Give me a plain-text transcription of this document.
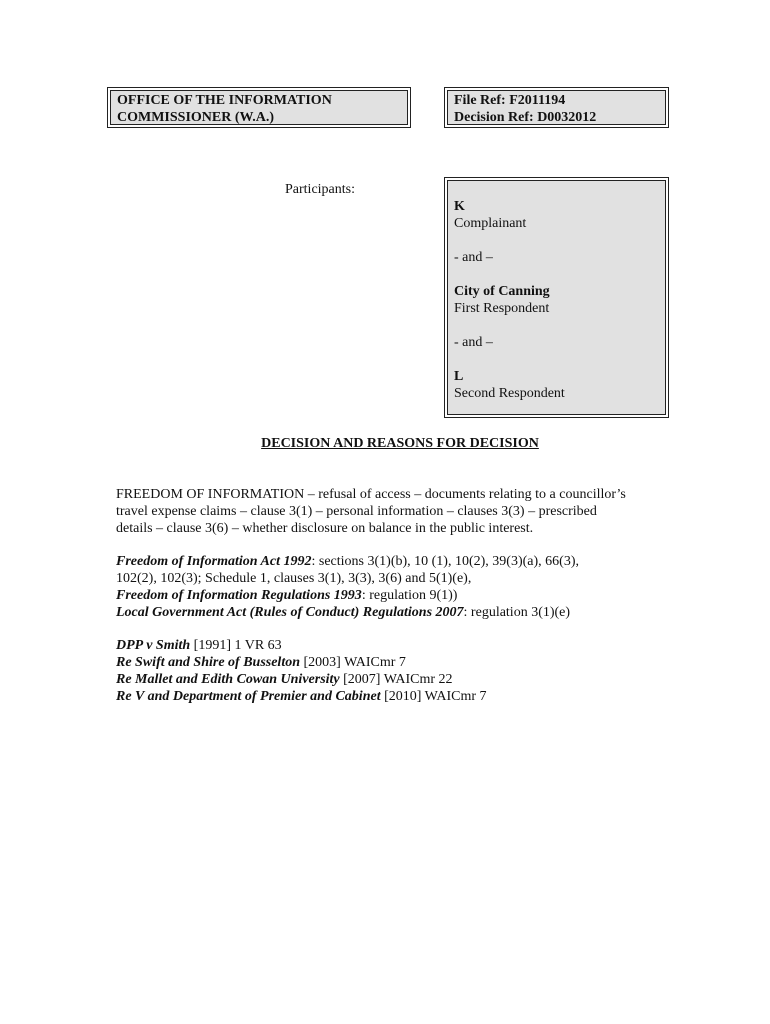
OFFICE OF THE INFORMATION
COMMISSIONER (W.A.)
File Ref: F2011194
Decision Ref: D0032012
Participants:
K
Complainant
- and –
City of Canning
First Respondent
- and –
L
Second Respondent
DECISION AND REASONS FOR DECISION
FREEDOM OF INFORMATION – refusal of access – documents relating to a councillor’s
travel expense claims – clause 3(1) – personal information – clauses 3(3) – prescribed
details – clause 3(6) – whether disclosure on balance in the public interest.
Freedom of Information Act 1992: sections 3(1)(b), 10 (1), 10(2), 39(3)(a), 66(3),
102(2), 102(3); Schedule 1, clauses 3(1), 3(3), 3(6) and 5(1)(e),
Freedom of Information Regulations 1993: regulation 9(1))
Local Government Act (Rules of Conduct) Regulations 2007: regulation 3(1)(e)
DPP v Smith [1991] 1 VR 63
Re Swift and Shire of Busselton [2003] WAICmr 7
Re Mallet and Edith Cowan University [2007] WAICmr 22
Re V and Department of Premier and Cabinet [2010] WAICmr 7
